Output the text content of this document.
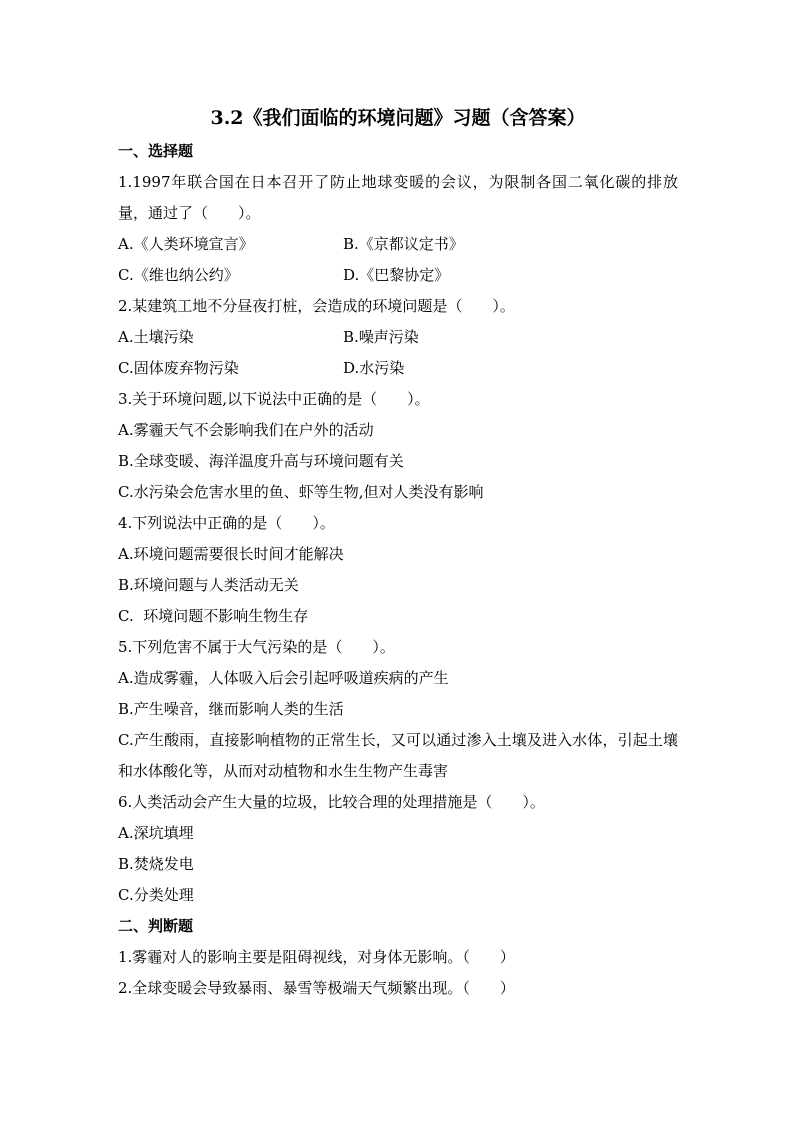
3.2《我们面临的环境问题》习题（含答案）
一、选择题
1.1997年联合国在日本召开了防止地球变暖的会议，为限制各国二氧化碳的排放量，通过了（　　）。
A.《人类环境宣言》	B.《京都议定书》
C.《维也纳公约》	D.《巴黎协定》
2.某建筑工地不分昼夜打桩，会造成的环境问题是（　　）。
A.土壤污染	B.噪声污染
C.固体废弃物污染	D.水污染
3.关于环境问题,以下说法中正确的是（　　）。
A.雾霾天气不会影响我们在户外的活动
B.全球变暖、海洋温度升高与环境问题有关
C.水污染会危害水里的鱼、虾等生物,但对人类没有影响
4.下列说法中正确的是（　　）。
A.环境问题需要很长时间才能解决
B.环境问题与人类活动无关
C.  环境问题不影响生物生存
5.下列危害不属于大气污染的是（　　）。
A.造成雾霾，人体吸入后会引起呼吸道疾病的产生
B.产生噪音，继而影响人类的生活
C.产生酸雨，直接影响植物的正常生长，又可以通过渗入土壤及进入水体，引起土壤和水体酸化等，从而对动植物和水生生物产生毒害
6.人类活动会产生大量的垃圾，比较合理的处理措施是（　　）。
A.深坑填埋
B.焚烧发电
C.分类处理
二、判断题
1.雾霾对人的影响主要是阻碍视线，对身体无影响。（　　）
2.全球变暖会导致暴雨、暴雪等极端天气频繁出现。（　　）
